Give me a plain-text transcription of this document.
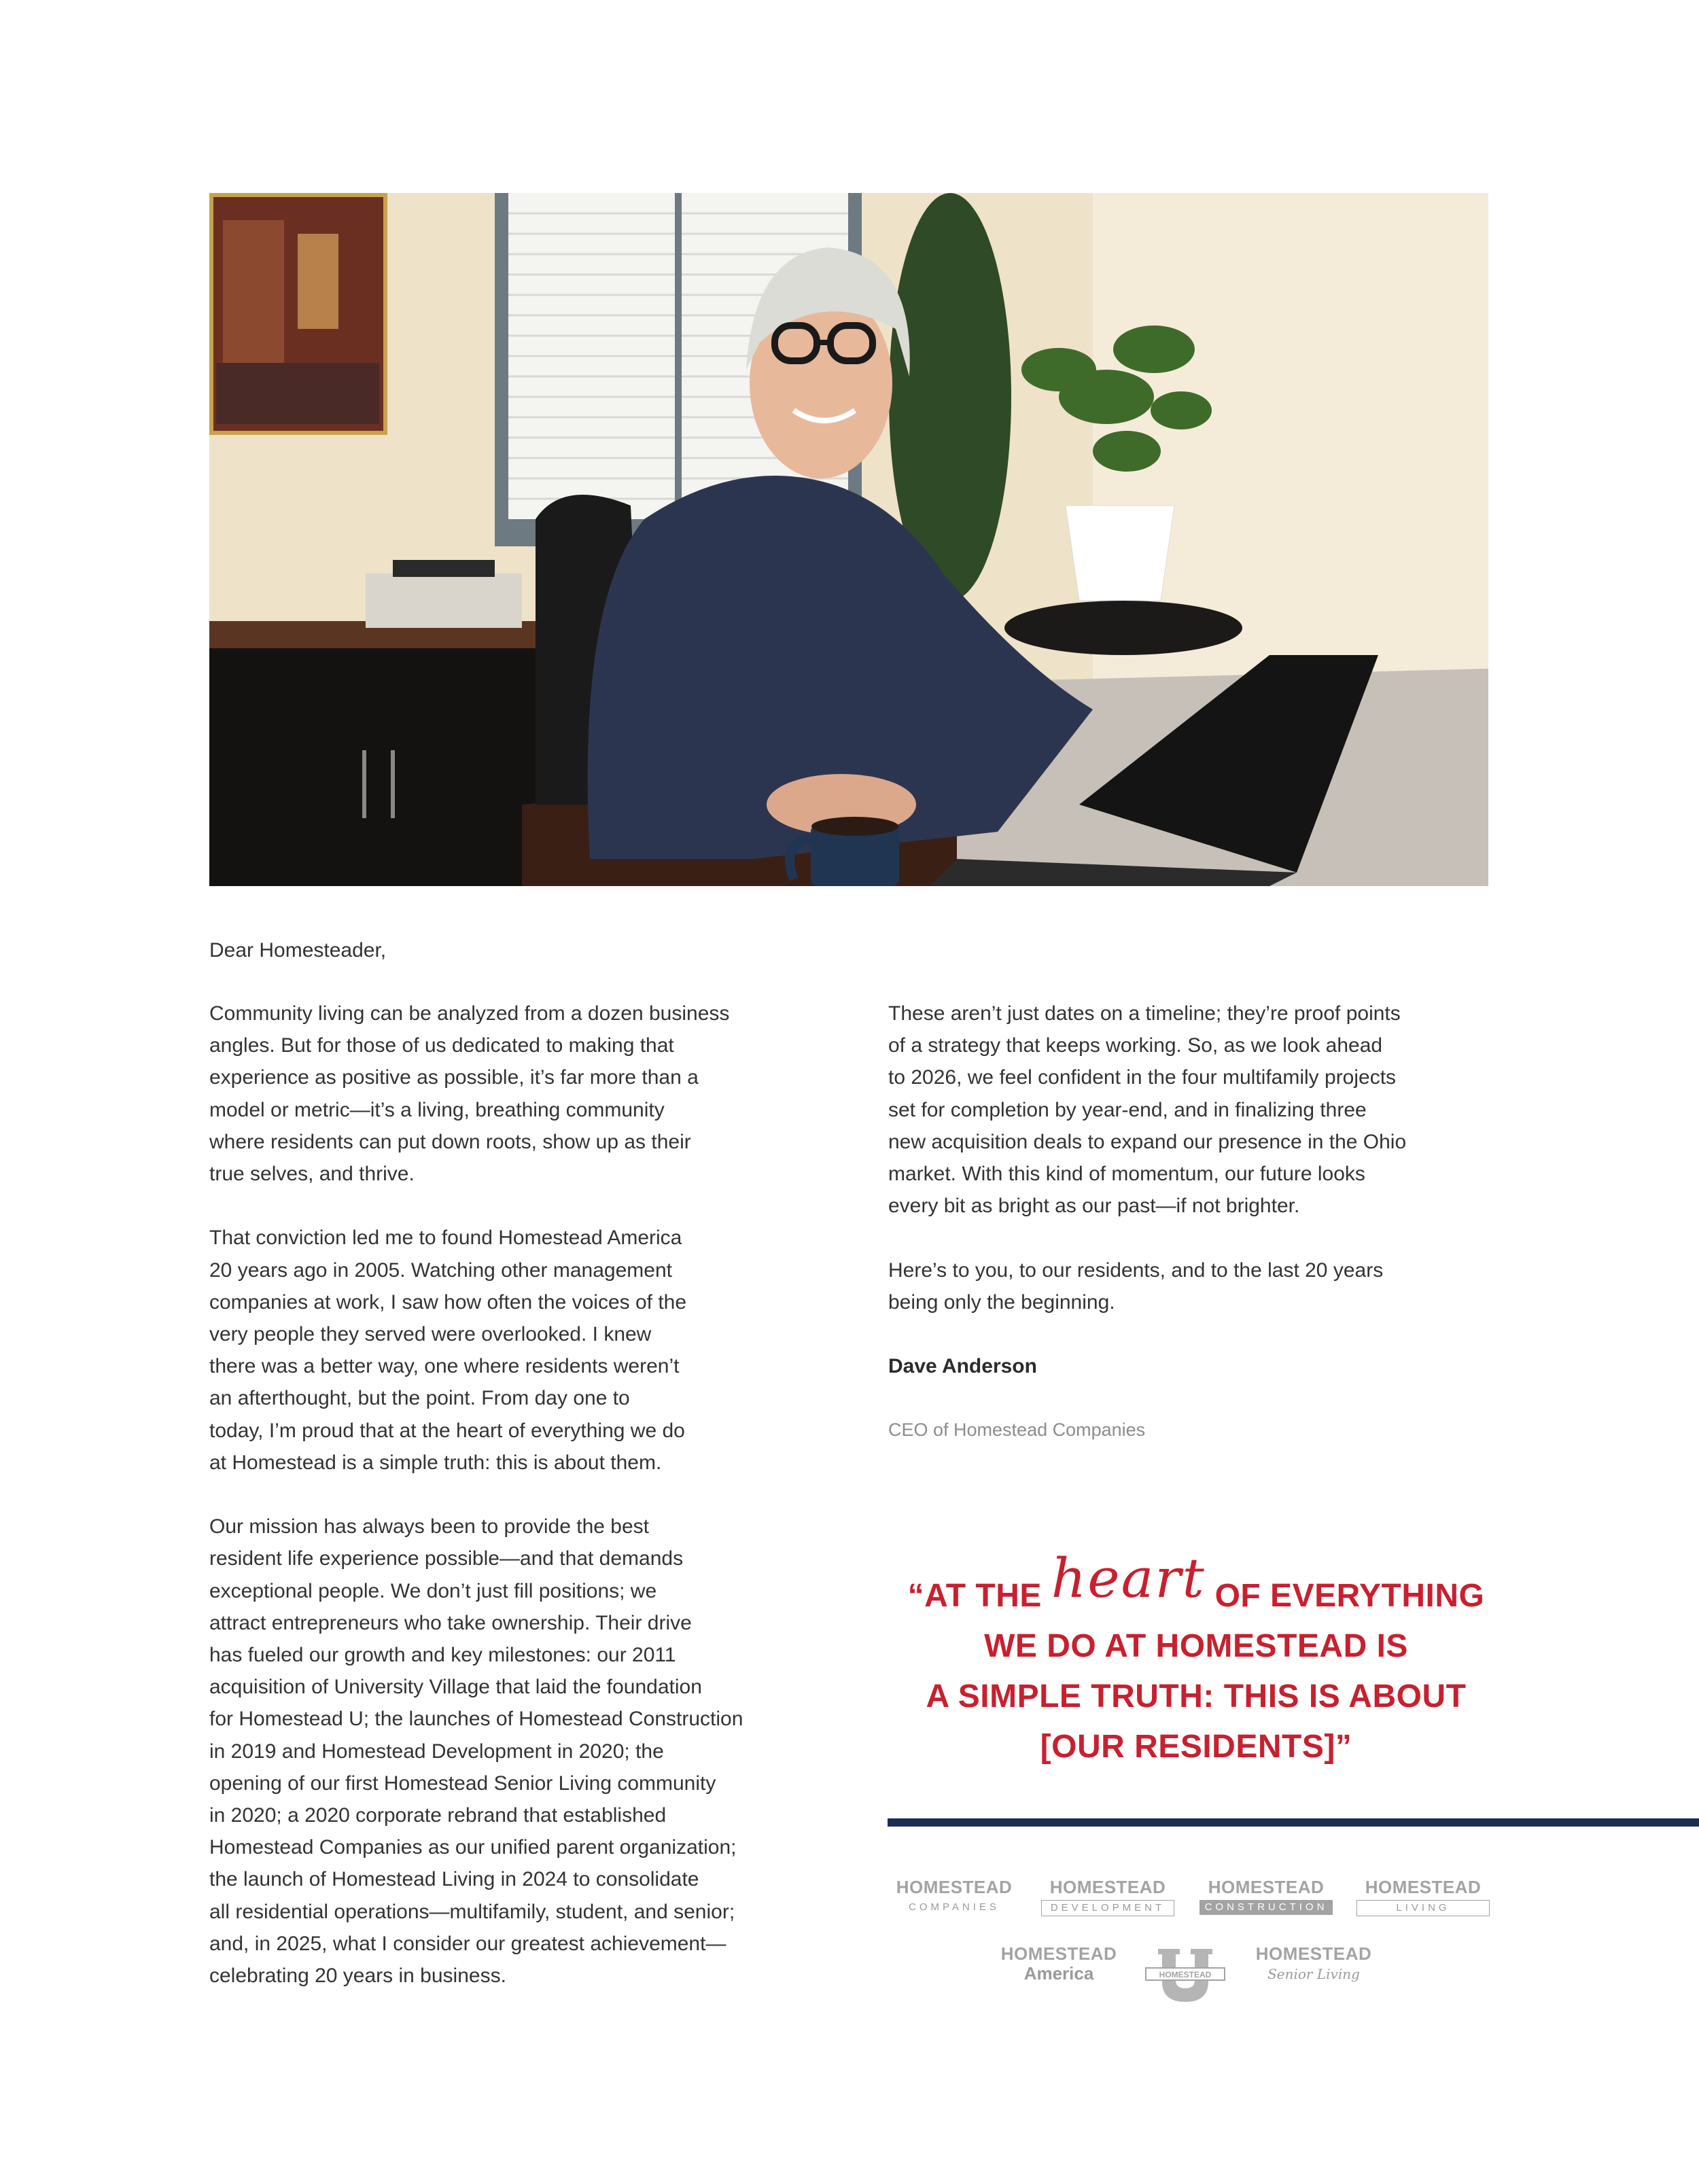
Dear Homesteader,

Community living can be analyzed from a dozen business
angles. But for those of us dedicated to making that
experience as positive as possible, it’s far more than a
model or metric—it’s a living, breathing community
where residents can put down roots, show up as their
true selves, and thrive.

That conviction led me to found Homestead America
20 years ago in 2005. Watching other management
companies at work, I saw how often the voices of the
very people they served were overlooked. I knew
there was a better way, one where residents weren’t
an afterthought, but the point. From day one to
today, I’m proud that at the heart of everything we do
at Homestead is a simple truth: this is about them.

Our mission has always been to provide the best
resident life experience possible—and that demands
exceptional people. We don’t just fill positions; we
attract entrepreneurs who take ownership. Their drive
has fueled our growth and key milestones: our 2011
acquisition of University Village that laid the foundation
for Homestead U; the launches of Homestead Construction
in 2019 and Homestead Development in 2020; the
opening of our first Homestead Senior Living community
in 2020; a 2020 corporate rebrand that established
Homestead Companies as our unified parent organization;
the launch of Homestead Living in 2024 to consolidate
all residential operations—multifamily, student, and senior;
and, in 2025, what I consider our greatest achievement—
celebrating 20 years in business.

These aren’t just dates on a timeline; they’re proof points
of a strategy that keeps working. So, as we look ahead
to 2026, we feel confident in the four multifamily projects
set for completion by year-end, and in finalizing three
new acquisition deals to expand our presence in the Ohio
market. With this kind of momentum, our future looks
every bit as bright as our past—if not brighter.

Here’s to you, to our residents, and to the last 20 years
being only the beginning.

Dave Anderson

CEO of Homestead Companies

“AT THE heart OF EVERYTHING
WE DO AT HOMESTEAD IS
A SIMPLE TRUTH: THIS IS ABOUT
[OUR RESIDENTS]”
HOMESTEAD
COMPANIES
HOMESTEAD
DEVELOPMENT
HOMESTEAD
CONSTRUCTION
HOMESTEAD
LIVING
HOMESTEAD
America	HOMESTEAD
HOMESTEAD
Senior Living
